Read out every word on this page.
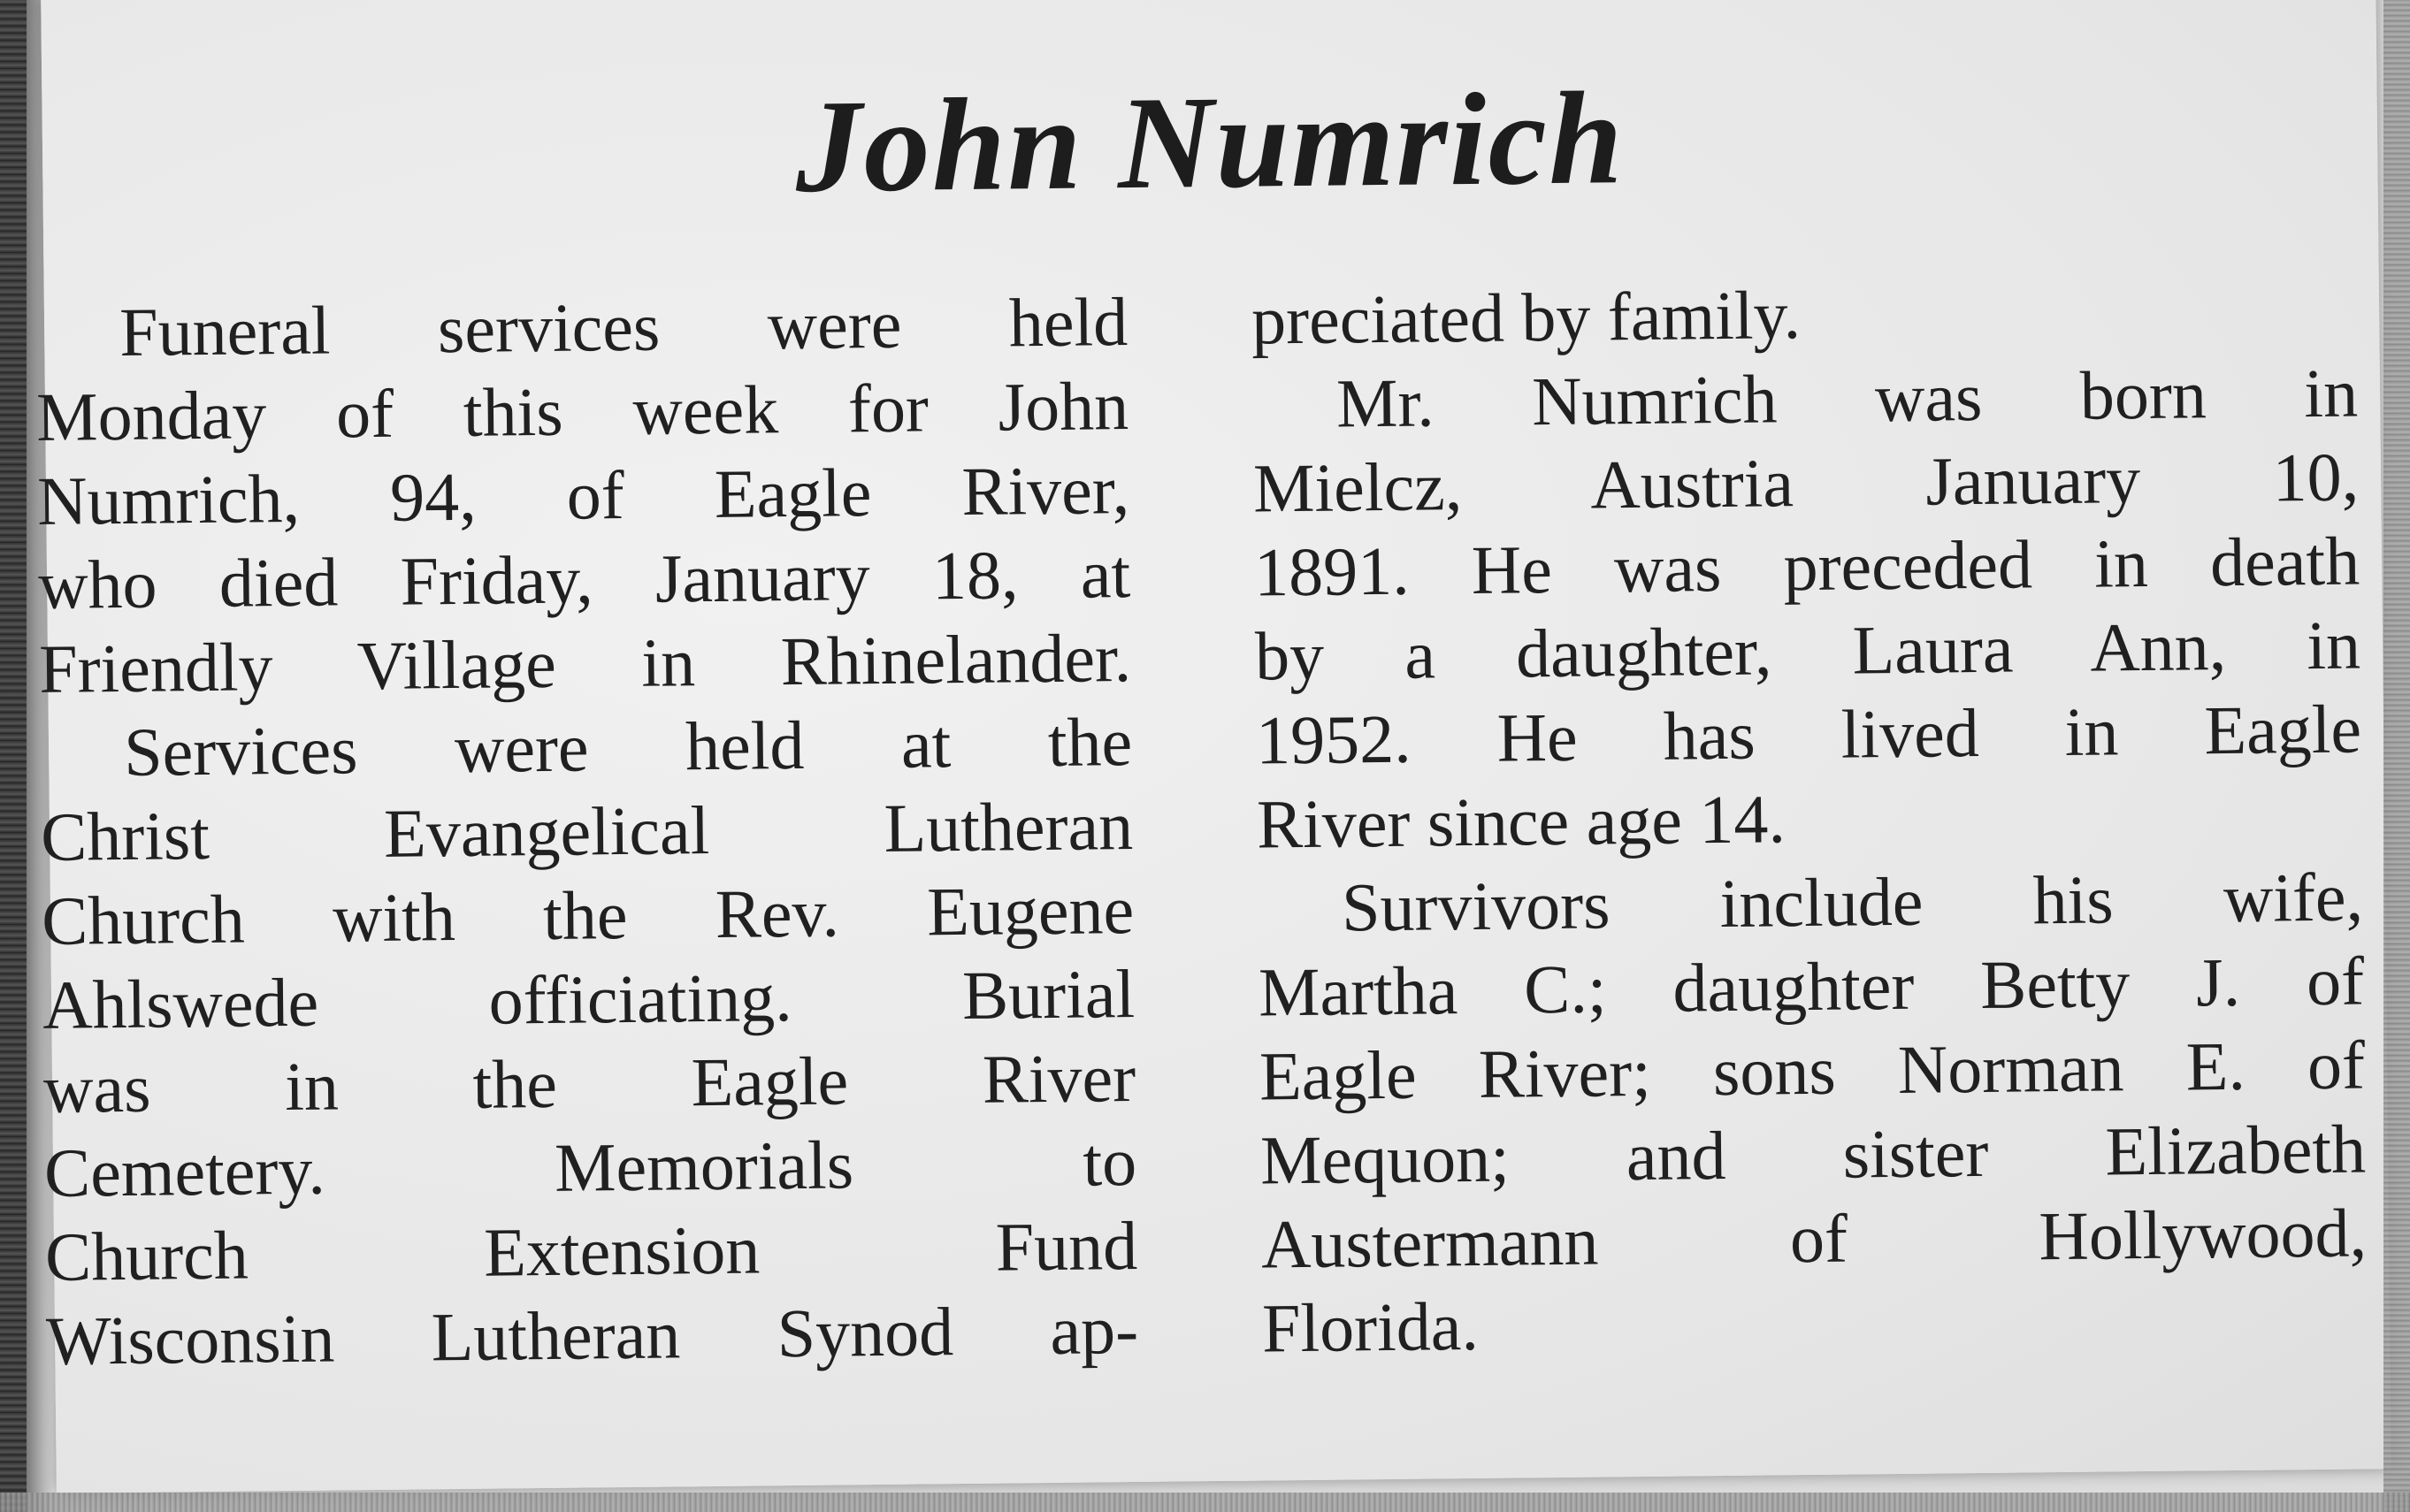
John Numrich
Funeral services were held
Monday of this week for John
Numrich, 94, of Eagle River,
who died Friday, January 18, at
Friendly Village in Rhinelander.
Services were held at the
Christ Evangelical Lutheran
Church with the Rev. Eugene
Ahlswede officiating. Burial
was in the Eagle River
Cemetery. Memorials to
Church Extension Fund
Wisconsin Lutheran Synod ap-
preciated by family.
Mr. Numrich was born in
Mielcz, Austria January 10,
1891. He was preceded in death
by a daughter, Laura Ann, in
1952. He has lived in Eagle
River since age 14.
Survivors include his wife,
Martha C.; daughter Betty J. of
Eagle River; sons Norman E. of
Mequon; and sister Elizabeth
Austermann of Hollywood,
Florida.
